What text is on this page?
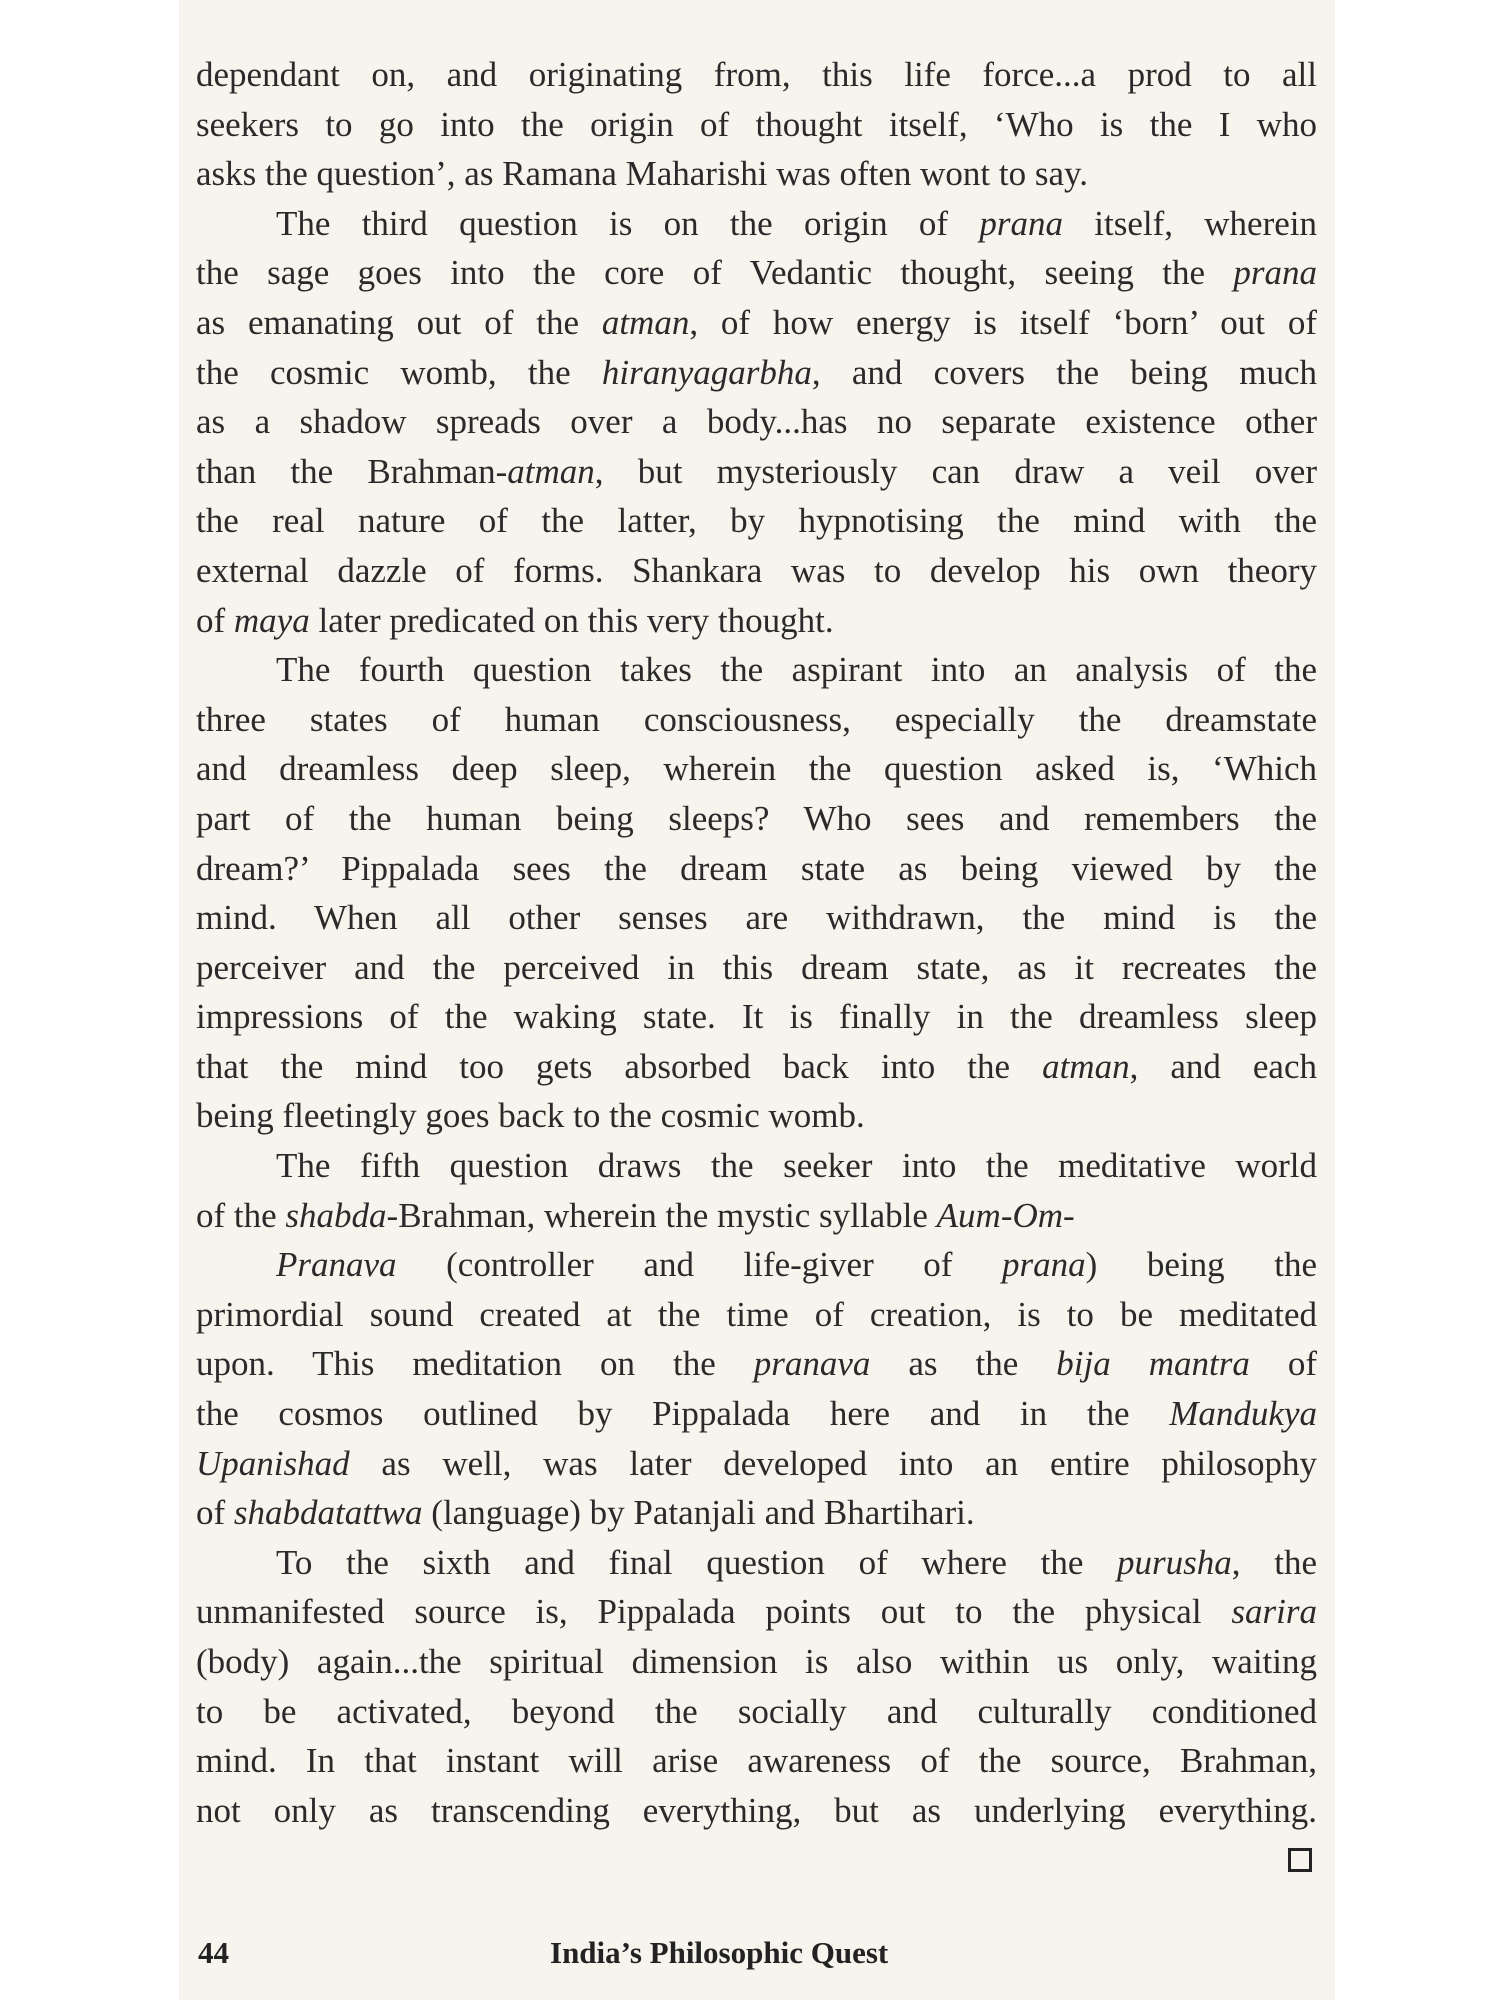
dependant on, and originating from, this life force...a prod to all
seekers to go into the origin of thought itself, ‘Who is the I who
asks the question’, as Ramana Maharishi was often wont to say.
The third question is on the origin of prana itself, wherein
the sage goes into the core of Vedantic thought, seeing the prana
as emanating out of the atman, of how energy is itself ‘born’ out of
the cosmic womb, the hiranyagarbha, and covers the being much
as a shadow spreads over a body...has no separate existence other
than the Brahman-atman, but mysteriously can draw a veil over
the real nature of the latter, by hypnotising the mind with the
external dazzle of forms. Shankara was to develop his own theory
of maya later predicated on this very thought.
The fourth question takes the aspirant into an analysis of the
three states of human consciousness, especially the dreamstate
and dreamless deep sleep, wherein the question asked is, ‘Which
part of the human being sleeps? Who sees and remembers the
dream?’ Pippalada sees the dream state as being viewed by the
mind. When all other senses are withdrawn, the mind is the
perceiver and the perceived in this dream state, as it recreates the
impressions of the waking state. It is finally in the dreamless sleep
that the mind too gets absorbed back into the atman, and each
being fleetingly goes back to the cosmic womb.
The fifth question draws the seeker into the meditative world
of the shabda-Brahman, wherein the mystic syllable Aum-Om-
Pranava (controller and life-giver of prana) being the
primordial sound created at the time of creation, is to be meditated
upon. This meditation on the pranava as the bija mantra of
the cosmos outlined by Pippalada here and in the Mandukya
Upanishad as well, was later developed into an entire philosophy
of shabdatattwa (language) by Patanjali and Bhartihari.
To the sixth and final question of where the purusha, the
unmanifested source is, Pippalada points out to the physical sarira
(body) again...the spiritual dimension is also within us only, waiting
to be activated, beyond the socially and culturally conditioned
mind. In that instant will arise awareness of the source, Brahman,
not only as transcending everything, but as underlying everything.
44	India’s Philosophic Quest
